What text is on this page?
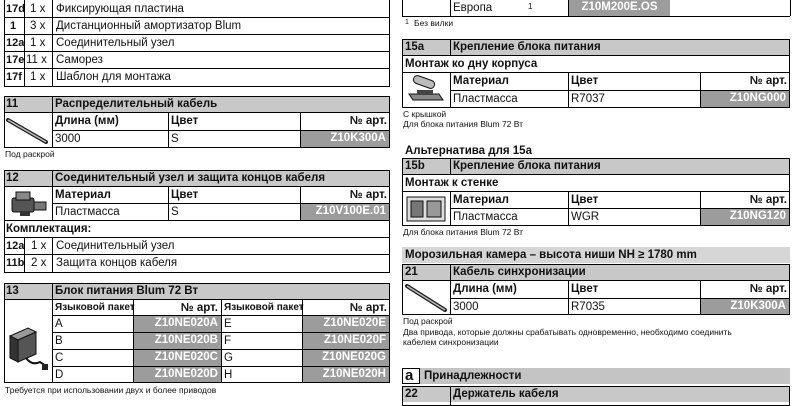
17d 1 x Фиксирующая пластина
1 3 x Дистанционный амортизатор Blum
12a 1 x Соединительный узел
17e 11 x Саморез
17f 1 x Шаблон для монтажа
11	Распределительный кабель
Длина (мм)	Цвет	№ арт.
3000	S	Z10K300A
Под раскрой
12	Соединительный узел и защита концов кабеля
Материал	Цвет	№ арт.
Пластмасса	S	Z10V100E.01
Комплектация:
12a 1 x Соединительный узел
11b 2 x Защита концов кабеля
13	Блок питания Blum 72 Вт
Языковой пакет	№ арт. Языковой пакет	№ арт.
A	Z10NE020A E	Z10NE020E
B	Z10NE020B F	Z10NE020F
C	Z10NE020C G	Z10NE020G
D	Z10NE020D H	Z10NE020H
Требуется при использовании двух и более приводов
Европа	1	Z10M200E.OS
1 Без вилки
15a	Крепление блока питания
Монтаж ко дну корпуса
Материал	Цвет	№ арт.
Пластмасса	R7037	Z10NG000
С крышкой
Для блока питания Blum 72 Вт
Альтернатива для 15а
15b Крепление блока питания
Монтаж к стенке
Материал	Цвет	№ арт.
Пластмасса	WGR	Z10NG120
Для блока питания Blum 72 Вт
Морозильная камера – высота ниши NH ≥ 1780 mm
21	Кабель синхронизации
Длина (мм)	Цвет	№ арт.
3000	R7035	Z10K300A
Под раскрой
Два привода, которые должны срабатывать одновременно, необходимо соединить
кабелем синхронизации
a Принадлежности
22	Держатель кабеля
